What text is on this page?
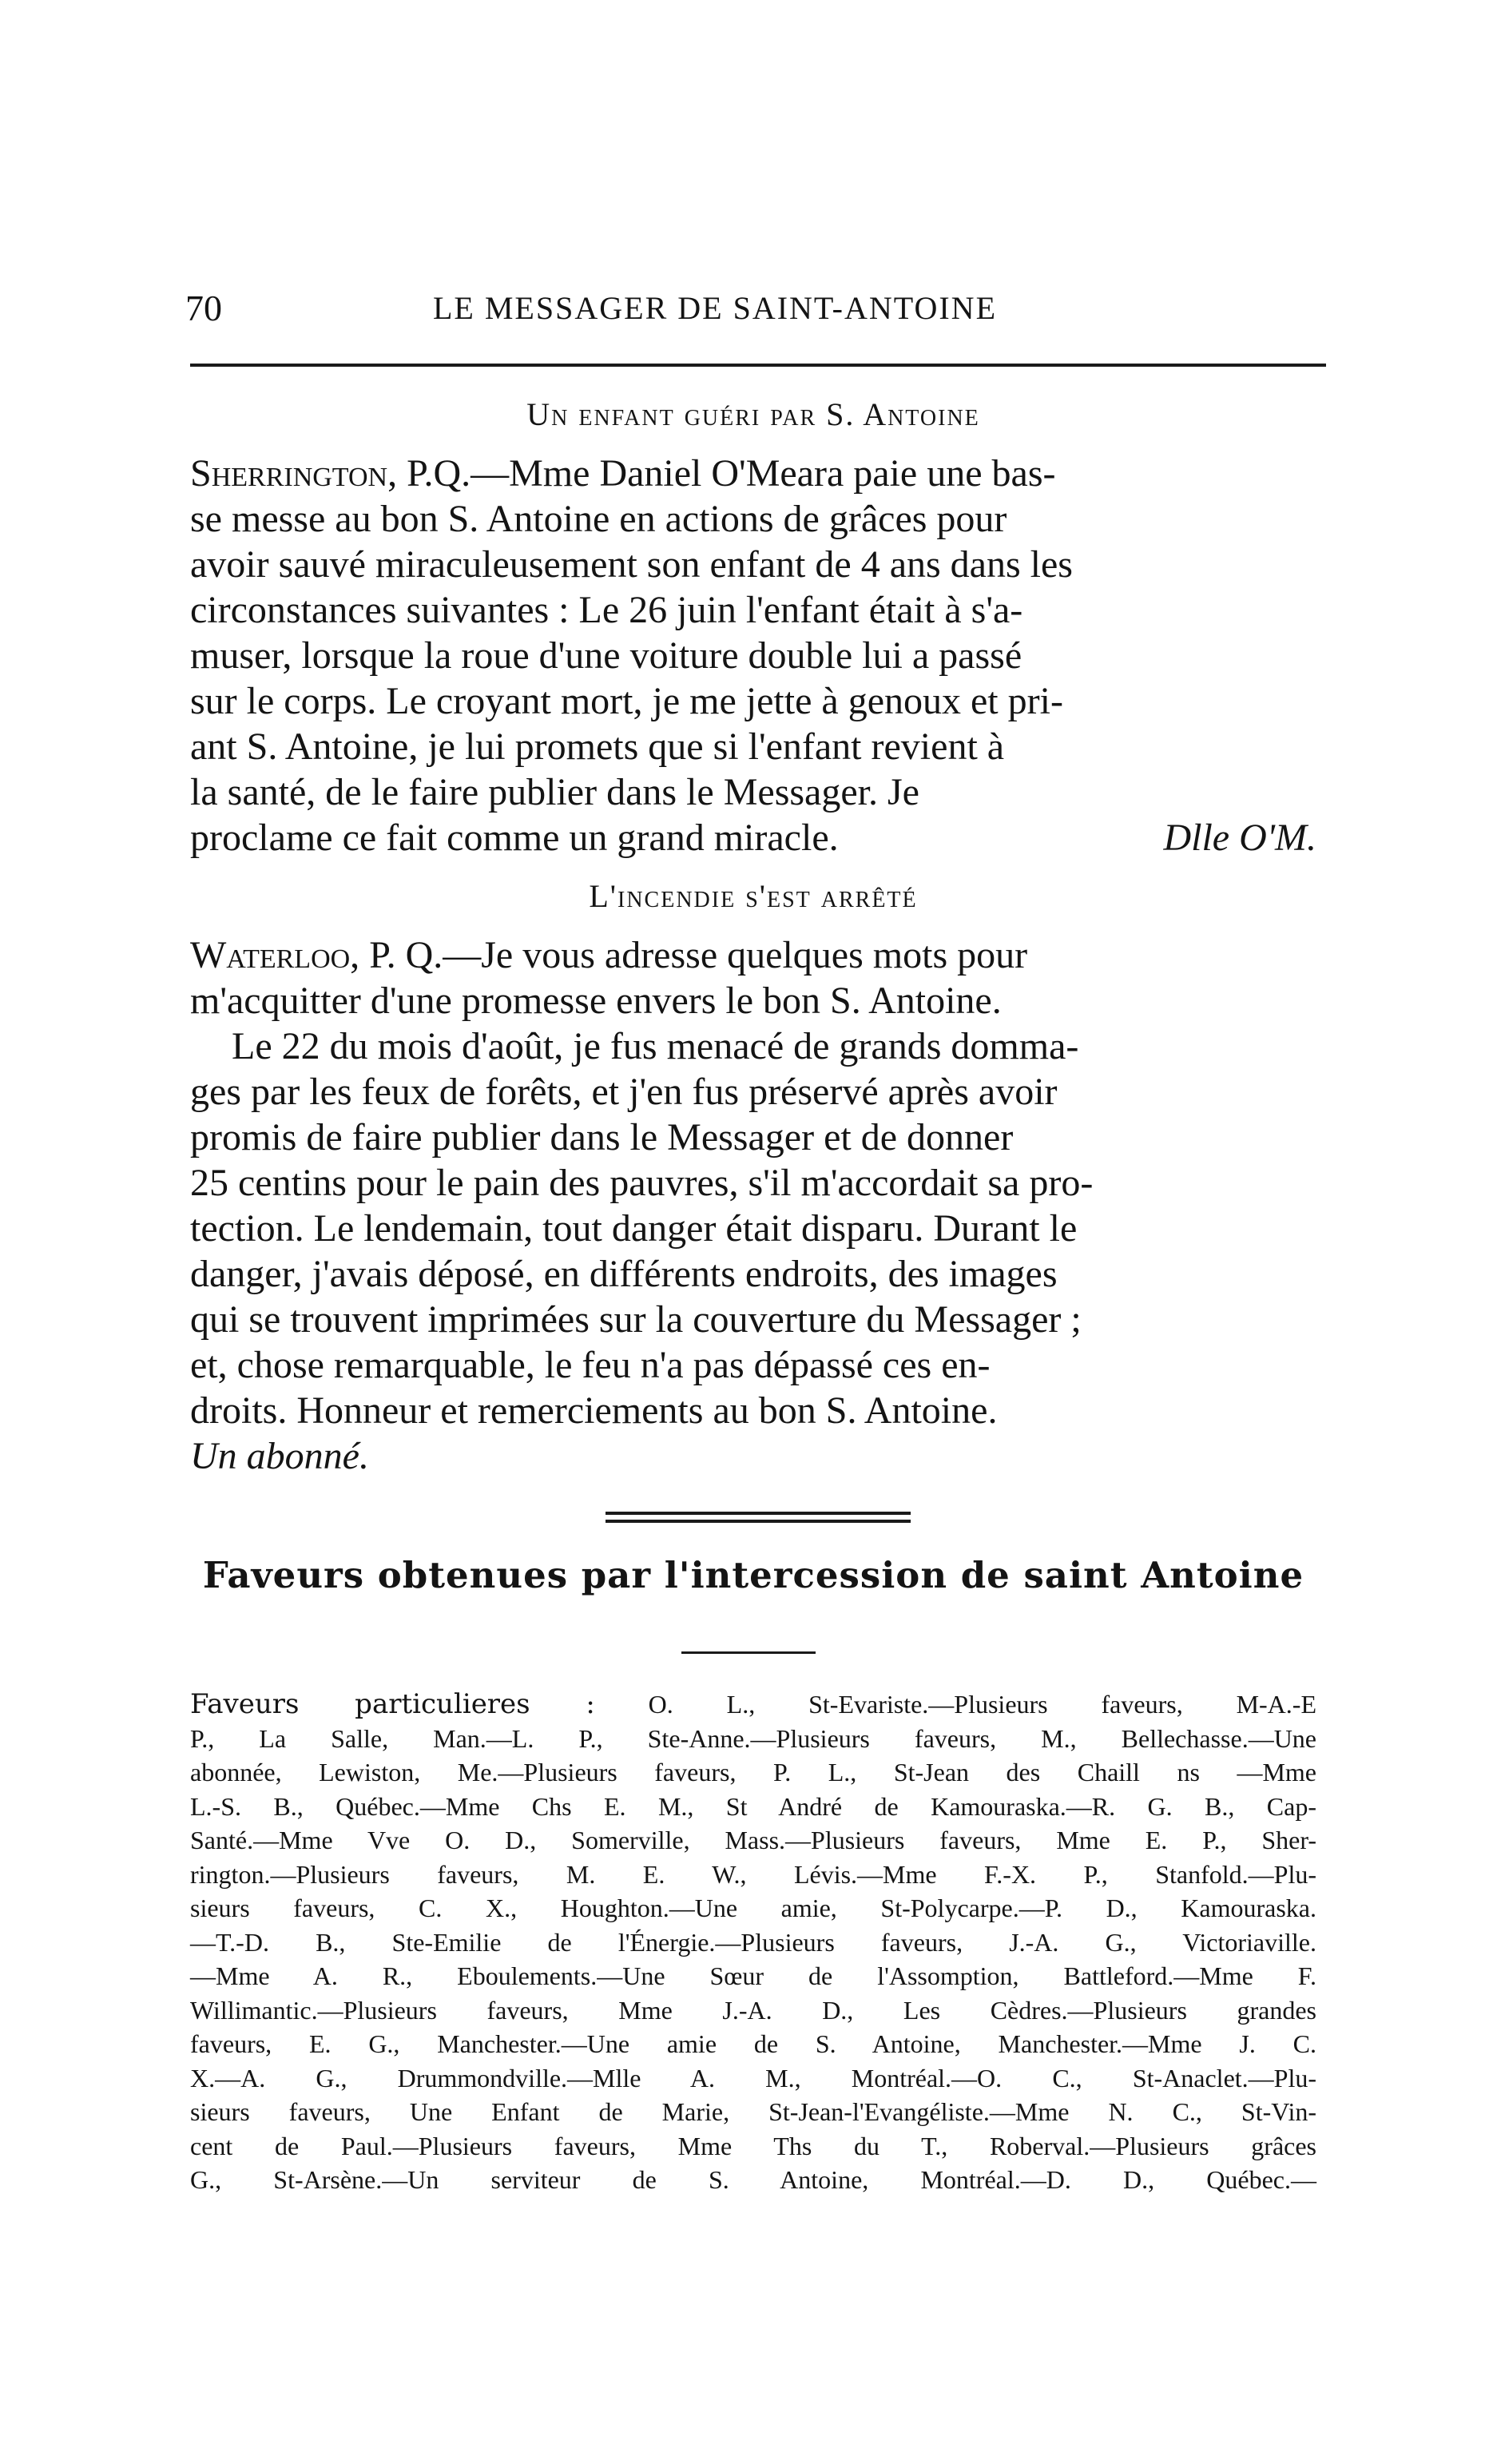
70	LE MESSAGER DE SAINT-ANTOINE
Un enfant guéri par S. Antoine

Sherrington, P.Q.—Mme Daniel O'Meara paie une bas-
se messe au bon S. Antoine en actions de grâces pour
avoir sauvé miraculeusement son enfant de 4 ans dans les
circonstances suivantes : Le 26 juin l'enfant était à s'a-
muser, lorsque la roue d'une voiture double lui a passé
sur le corps. Le croyant mort, je me jette à genoux et pri-
ant S. Antoine, je lui promets que si l'enfant revient à
la santé, de le faire publier dans le Messager. Je
proclame ce fait comme un grand miracle.	Dlle O'M.

L'incendie s'est arrêté

Waterloo, P. Q.—Je vous adresse quelques mots pour
m'acquitter d'une promesse envers le bon S. Antoine.

Le 22 du mois d'août, je fus menacé de grands domma-
ges par les feux de forêts, et j'en fus préservé après avoir
promis de faire publier dans le Messager et de donner
25 centins pour le pain des pauvres, s'il m'accordait sa pro-
tection. Le lendemain, tout danger était disparu. Durant le
danger, j'avais déposé, en différents endroits, des images
qui se trouvent imprimées sur la couverture du Messager ;
et, chose remarquable, le feu n'a pas dépassé ces en-
droits. Honneur et remerciements au bon S. Antoine.

Un abonné.

Faveurs obtenues par l'intercession de saint Antoine
Faveurs particulieres : O. L., St-Evariste.—Plusieurs faveurs, M-A.-E
P., La Salle, Man.—L. P., Ste-Anne.—Plusieurs faveurs, M., Bellechasse.—Une
abonnée, Lewiston, Me.—Plusieurs faveurs, P. L., St-Jean des Chaill ns —Mme
L.-S. B., Québec.—Mme Chs E. M., St André de Kamouraska.—R. G. B., Cap-
Santé.—Mme Vve O. D., Somerville, Mass.—Plusieurs faveurs, Mme E. P., Sher-
rington.—Plusieurs faveurs, M. E. W., Lévis.—Mme F.-X. P., Stanfold.—Plu-
sieurs faveurs, C. X., Houghton.—Une amie, St-Polycarpe.—P. D., Kamouraska.
—T.-D. B., Ste-Emilie de l'Énergie.—Plusieurs faveurs, J.-A. G., Victoriaville.
—Mme A. R., Eboulements.—Une Sœur de l'Assomption, Battleford.—Mme F.
Willimantic.—Plusieurs faveurs, Mme J.-A. D., Les Cèdres.—Plusieurs grandes
faveurs, E. G., Manchester.—Une amie de S. Antoine, Manchester.—Mme J. C.
X.—A. G., Drummondville.—Mlle A. M., Montréal.—O. C., St-Anaclet.—Plu-
sieurs faveurs, Une Enfant de Marie, St-Jean-l'Evangéliste.—Mme N. C., St-Vin-
cent de Paul.—Plusieurs faveurs, Mme Ths du T., Roberval.—Plusieurs grâces
G., St-Arsène.—Un serviteur de S. Antoine, Montréal.—D. D., Québec.—
